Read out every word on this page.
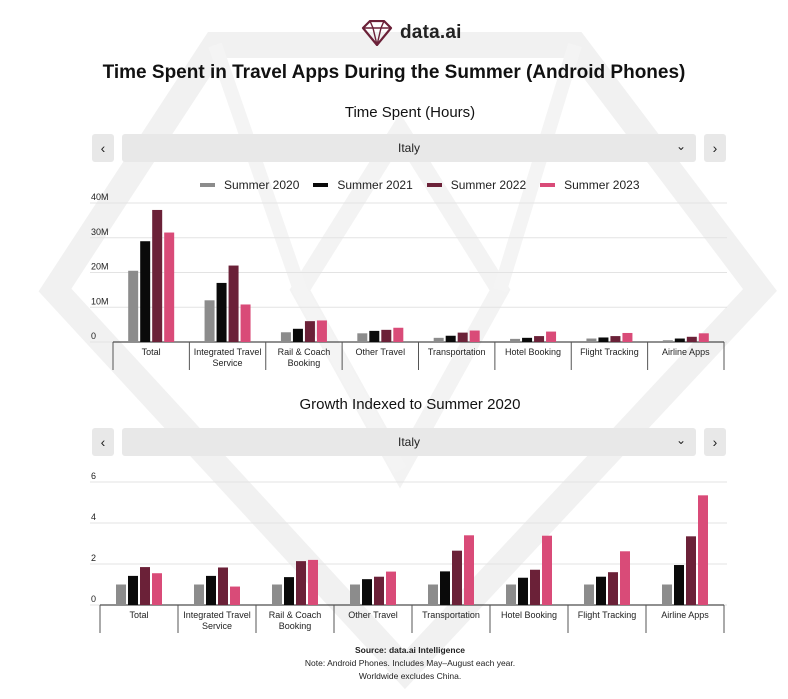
data.ai
Time Spent in Travel Apps During the Summer (Android Phones)
Time Spent (Hours)
‹	Italy	⌄ ›
Summer 2020	Summer 2021	Summer 2022	Summer 2023
0
10M
20M
30M
40M
Total	Integrated Travel
Service
Rail & Coach
Booking
Other Travel	Transportation Hotel Booking Flight Tracking	Airline Apps
Growth Indexed to Summer 2020
‹	Italy	⌄ ›
0
2
4
6
Total	Integrated Travel
Service
Rail & Coach
Booking
Other Travel	Transportation Hotel Booking Flight Tracking	Airline Apps
Source: data.ai Intelligence
Note: Android Phones. Includes May–August each year.
Worldwide excludes China.
